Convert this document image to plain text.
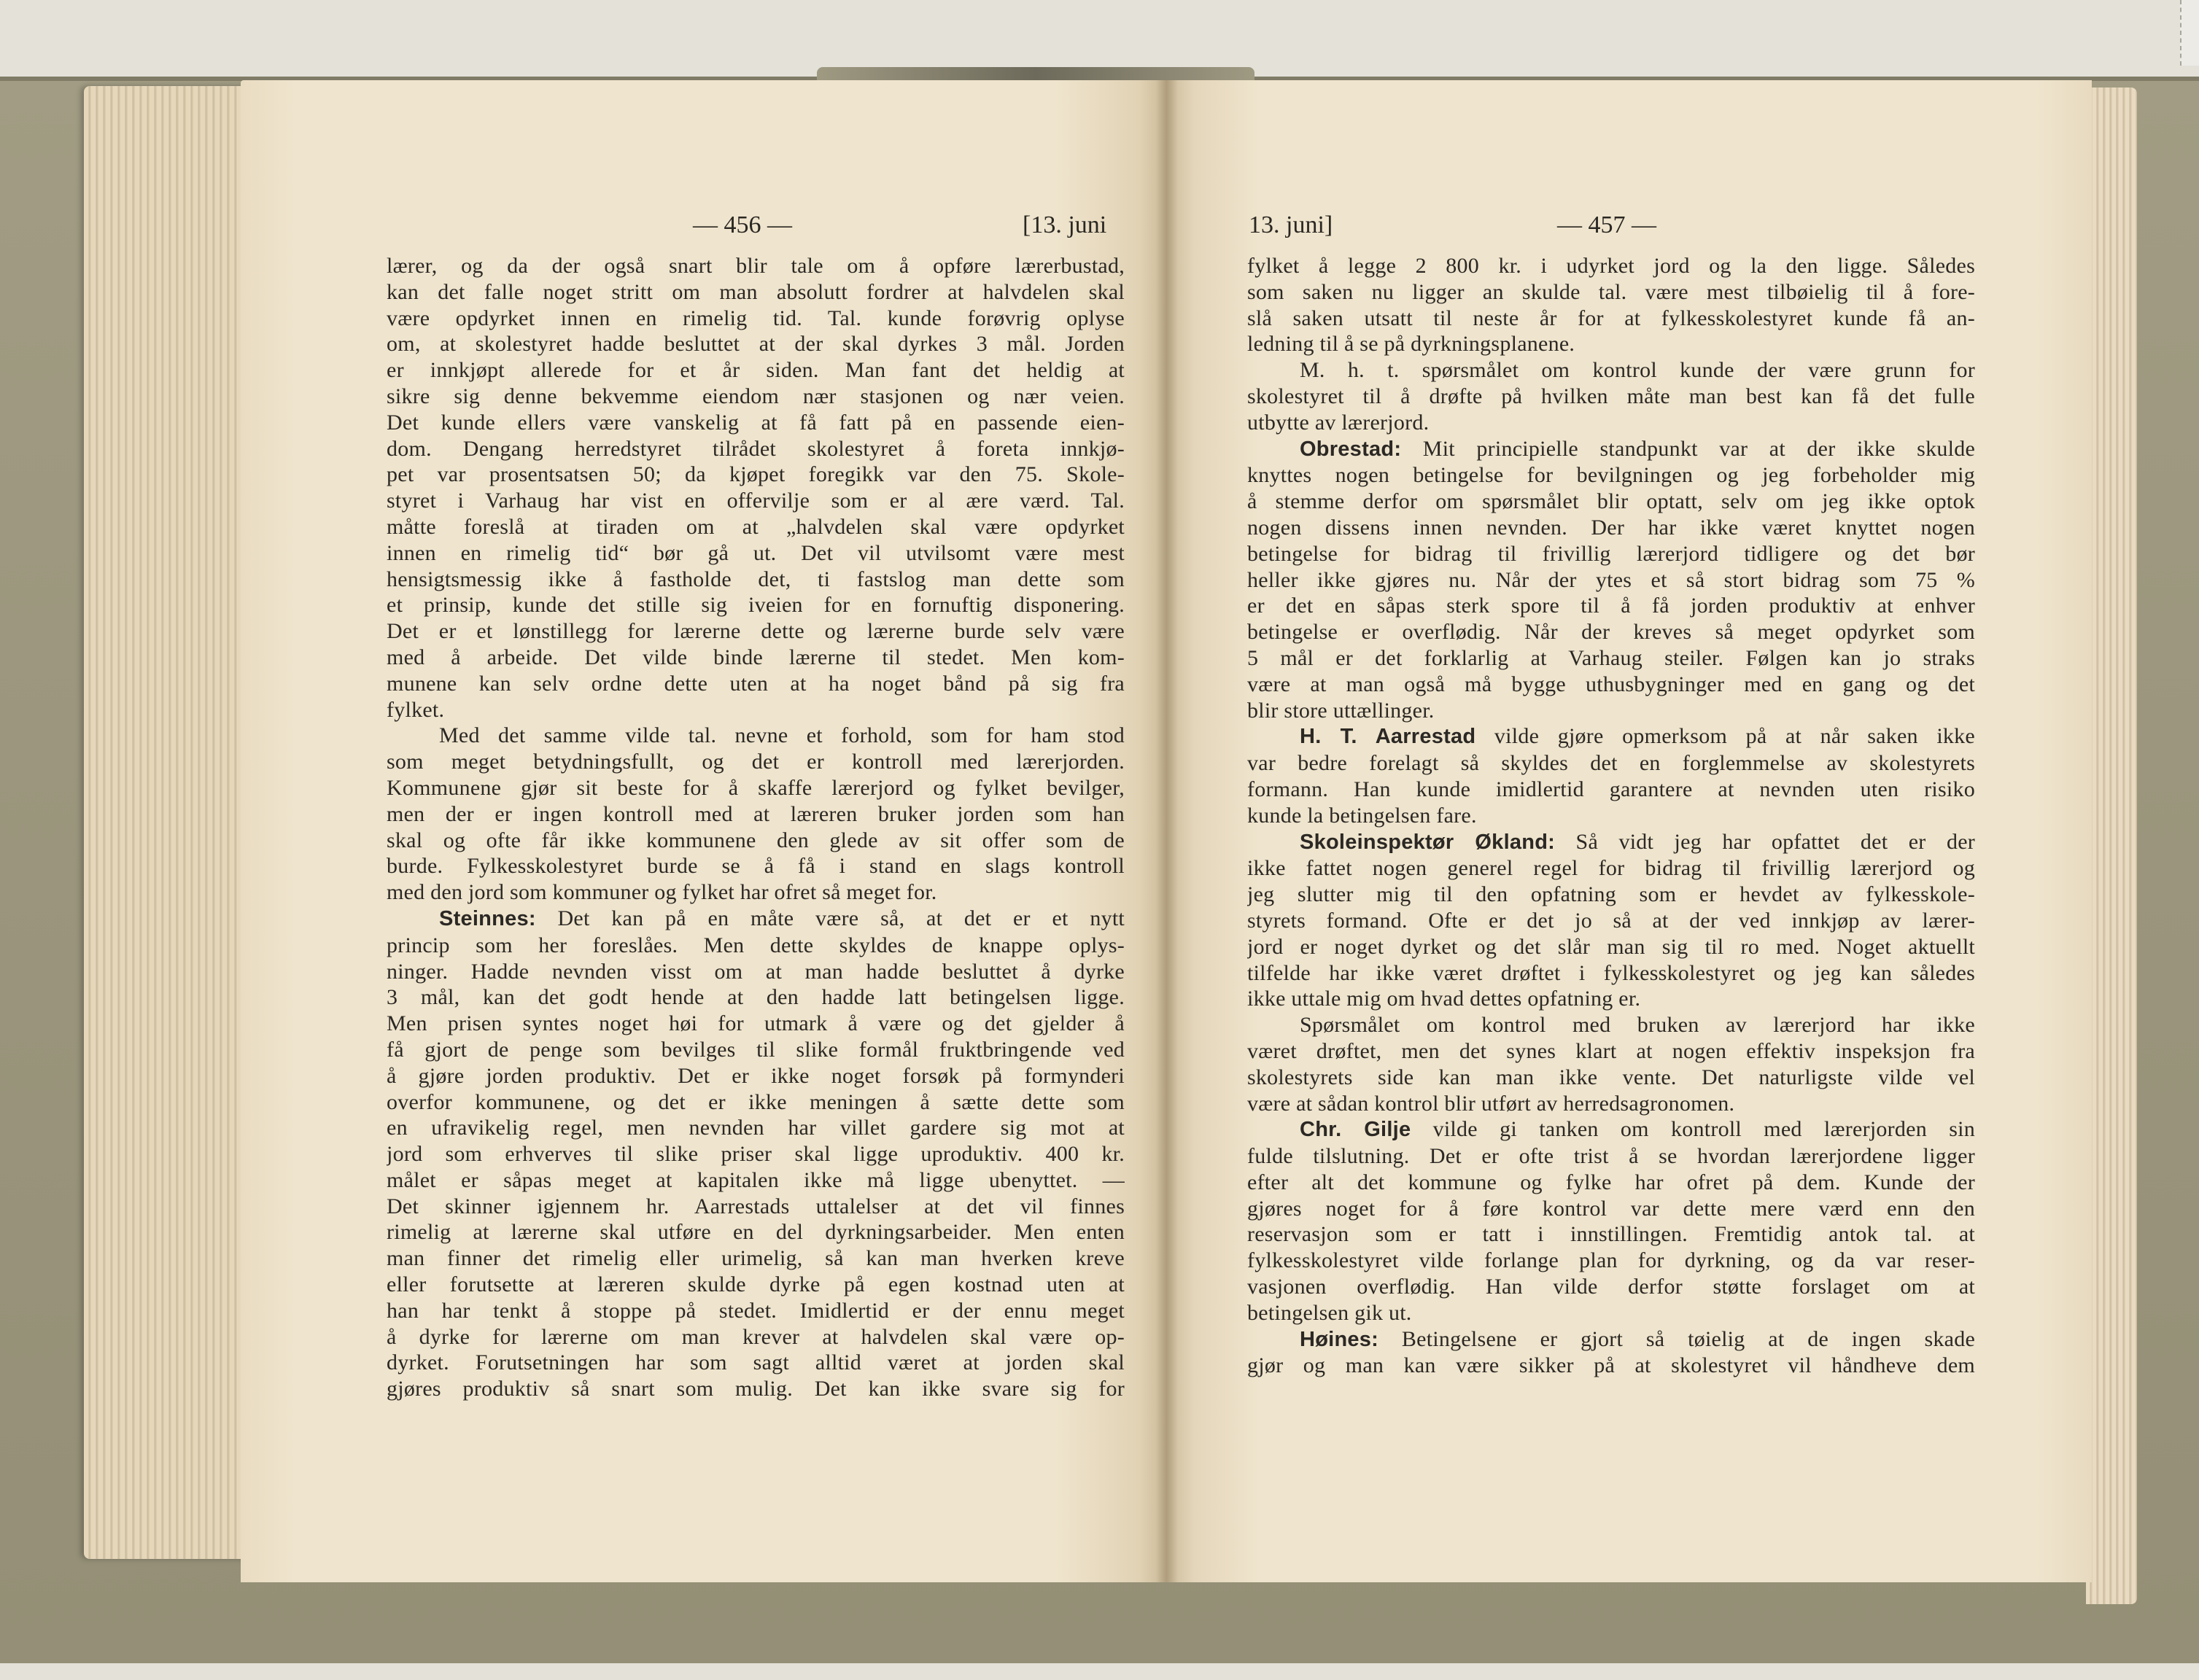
— 456 —	[13. juni	13. juni]	— 457 —

lærer, og da der også snart blir tale om å opføre lærerbustad,

kan det falle noget stritt om man absolutt fordrer at halvdelen skal

være opdyrket innen en rimelig tid. Tal. kunde forøvrig oplyse

om, at skolestyret hadde besluttet at der skal dyrkes 3 mål. Jorden

er innkjøpt allerede for et år siden. Man fant det heldig at

sikre sig denne bekvemme eiendom nær stasjonen og nær veien.

Det kunde ellers være vanskelig at få fatt på en passende eien-

dom. Dengang herredstyret tilrådet skolestyret å foreta innkjø-

pet var prosentsatsen 50; da kjøpet foregikk var den 75. Skole-

styret i Varhaug har vist en offervilje som er al ære værd. Tal.

måtte foreslå at tiraden om at „halvdelen skal være opdyrket

innen en rimelig tid“ bør gå ut. Det vil utvilsomt være mest

hensigtsmessig ikke å fastholde det, ti fastslog man dette som

et prinsip, kunde det stille sig iveien for en fornuftig disponering.

Det er et lønstillegg for lærerne dette og lærerne burde selv være

med å arbeide. Det vilde binde lærerne til stedet. Men kom-

munene kan selv ordne dette uten at ha noget bånd på sig fra

fylket.

Med det samme vilde tal. nevne et forhold, som for ham stod

som meget betydningsfullt, og det er kontroll med lærerjorden.

Kommunene gjør sit beste for å skaffe lærerjord og fylket bevilger,

men der er ingen kontroll med at læreren bruker jorden som han

skal og ofte får ikke kommunene den glede av sit offer som de

burde. Fylkesskolestyret burde se å få i stand en slags kontroll

med den jord som kommuner og fylket har ofret så meget for.

Steinnes: Det kan på en måte være så, at det er et nytt

princip som her foreslåes. Men dette skyldes de knappe oplys-

ninger. Hadde nevnden visst om at man hadde besluttet å dyrke

3 mål, kan det godt hende at den hadde latt betingelsen ligge.

Men prisen syntes noget høi for utmark å være og det gjelder å

få gjort de penge som bevilges til slike formål fruktbringende ved

å gjøre jorden produktiv. Det er ikke noget forsøk på formynderi

overfor kommunene, og det er ikke meningen å sætte dette som

en ufravikelig regel, men nevnden har villet gardere sig mot at

jord som erhverves til slike priser skal ligge uproduktiv. 400 kr.

målet er såpas meget at kapitalen ikke må ligge ubenyttet. —

Det skinner igjennem hr. Aarrestads uttalelser at det vil finnes

rimelig at lærerne skal utføre en del dyrkningsarbeider. Men enten

man finner det rimelig eller urimelig, så kan man hverken kreve

eller forutsette at læreren skulde dyrke på egen kostnad uten at

han har tenkt å stoppe på stedet. Imidlertid er der ennu meget

å dyrke for lærerne om man krever at halvdelen skal være op-

dyrket. Forutsetningen har som sagt alltid været at jorden skal

gjøres produktiv så snart som mulig. Det kan ikke svare sig for

fylket å legge 2 800 kr. i udyrket jord og la den ligge. Således

som saken nu ligger an skulde tal. være mest tilbøielig til å fore-

slå saken utsatt til neste år for at fylkesskolestyret kunde få an-

ledning til å se på dyrkningsplanene.

M. h. t. spørsmålet om kontrol kunde der være grunn for

skolestyret til å drøfte på hvilken måte man best kan få det fulle

utbytte av lærerjord.

Obrestad: Mit principielle standpunkt var at der ikke skulde

knyttes nogen betingelse for bevilgningen og jeg forbeholder mig

å stemme derfor om spørsmålet blir optatt, selv om jeg ikke optok

nogen dissens innen nevnden. Der har ikke været knyttet nogen

betingelse for bidrag til frivillig lærerjord tidligere og det bør

heller ikke gjøres nu. Når der ytes et så stort bidrag som 75 %

er det en såpas sterk spore til å få jorden produktiv at enhver

betingelse er overflødig. Når der kreves så meget opdyrket som

5 mål er det forklarlig at Varhaug steiler. Følgen kan jo straks

være at man også må bygge uthusbygninger med en gang og det

blir store uttællinger.

H. T. Aarrestad vilde gjøre opmerksom på at når saken ikke

var bedre forelagt så skyldes det en forglemmelse av skolestyrets

formann. Han kunde imidlertid garantere at nevnden uten risiko

kunde la betingelsen fare.

Skoleinspektør Økland: Så vidt jeg har opfattet det er der

ikke fattet nogen generel regel for bidrag til frivillig lærerjord og

jeg slutter mig til den opfatning som er hevdet av fylkesskole-

styrets formand. Ofte er det jo så at der ved innkjøp av lærer-

jord er noget dyrket og det slår man sig til ro med. Noget aktuellt

tilfelde har ikke været drøftet i fylkesskolestyret og jeg kan således

ikke uttale mig om hvad dettes opfatning er.

Spørsmålet om kontrol med bruken av lærerjord har ikke

været drøftet, men det synes klart at nogen effektiv inspeksjon fra

skolestyrets side kan man ikke vente. Det naturligste vilde vel

være at sådan kontrol blir utført av herredsagronomen.

Chr. Gilje vilde gi tanken om kontroll med lærerjorden sin

fulde tilslutning. Det er ofte trist å se hvordan lærerjordene ligger

efter alt det kommune og fylke har ofret på dem. Kunde der

gjøres noget for å føre kontrol var dette mere værd enn den

reservasjon som er tatt i innstillingen. Fremtidig antok tal. at

fylkesskolestyret vilde forlange plan for dyrkning, og da var reser-

vasjonen overflødig. Han vilde derfor støtte forslaget om at

betingelsen gik ut.

Høines: Betingelsene er gjort så tøielig at de ingen skade

gjør og man kan være sikker på at skolestyret vil håndheve dem
